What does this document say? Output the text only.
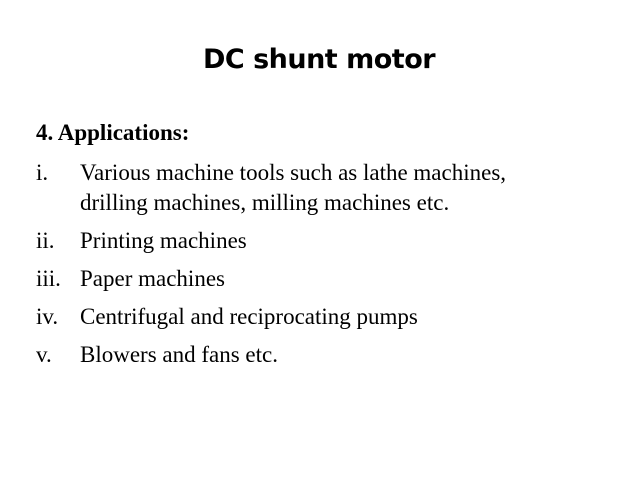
DC shunt motor
4. Applications:
i.	Various machine tools such as lathe machines, drilling machines, milling machines etc.
ii.	Printing machines
iii. Paper machines
iv. Centrifugal and reciprocating pumps
v.	Blowers and fans etc.
